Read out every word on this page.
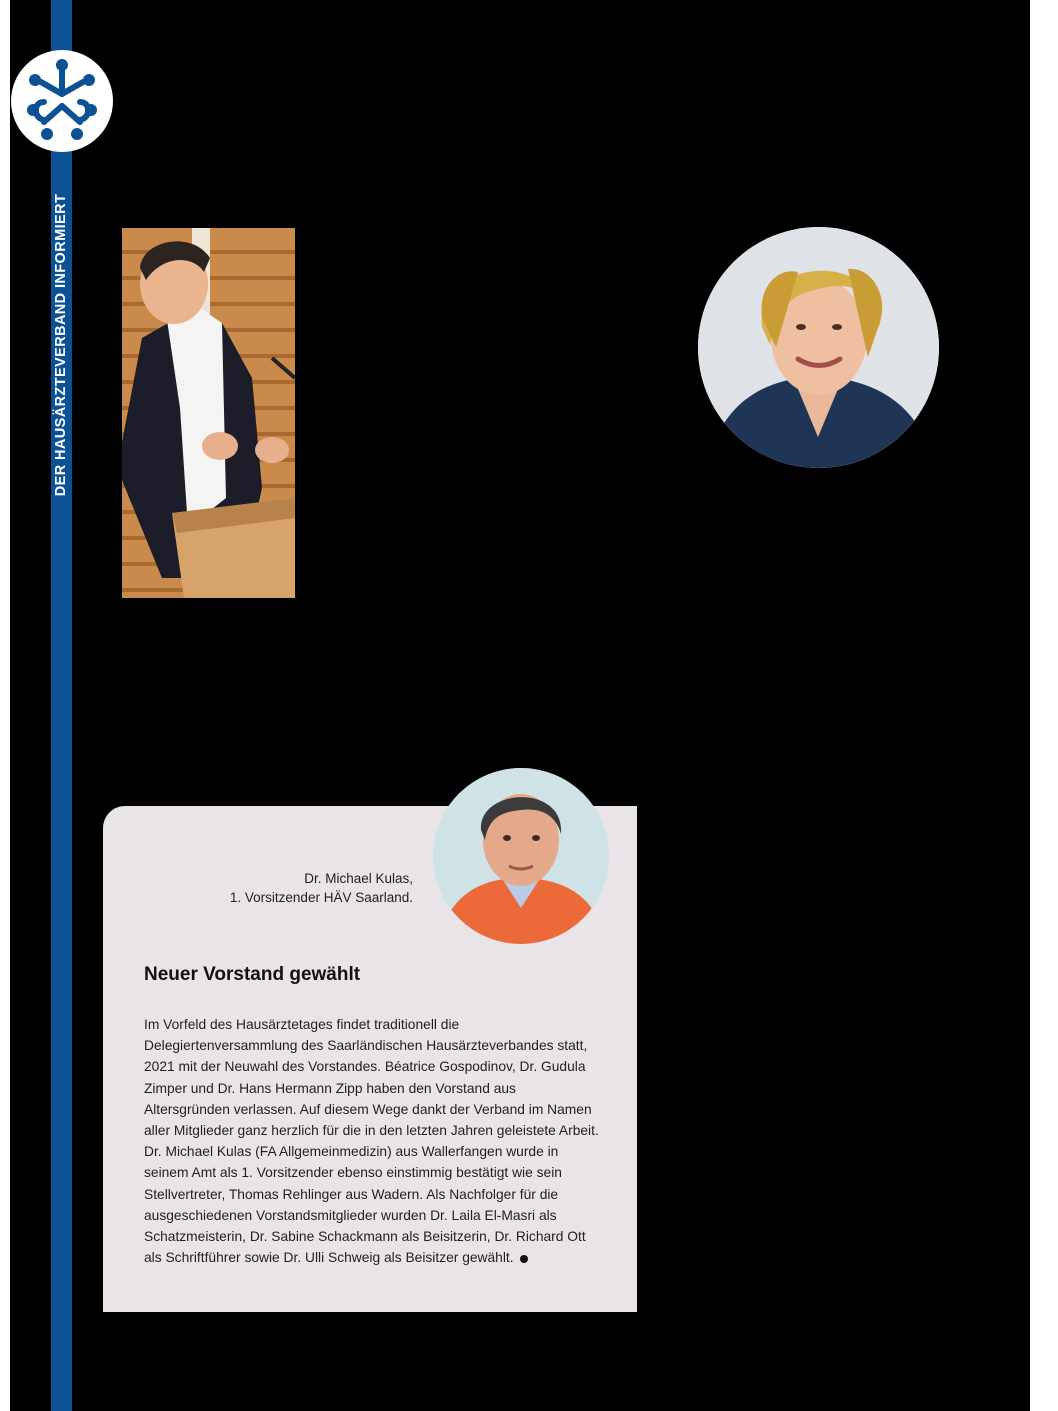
DER HAUSÄRZTEVERBAND INFORMIERT
Dr. Michael Kulas,
1. Vorsitzender HÄV Saarland.
Neuer Vorstand gewählt

Im Vorfeld des Hausärztetages findet traditionell die Delegiertenversammlung des Saarländischen Hausärzteverbandes statt, 2021 mit der Neuwahl des Vorstandes. Béatrice Gospodinov, Dr. Gudula Zimper und Dr. Hans Hermann Zipp haben den Vorstand aus Altersgründen verlassen. Auf diesem Wege dankt der Verband im Namen aller Mitglieder ganz herzlich für die in den letzten Jahren geleistete Arbeit.

Dr. Michael Kulas (FA Allgemeinmedizin) aus Wallerfangen wurde in seinem Amt als 1. Vorsitzender ebenso einstimmig bestätigt wie sein Stellvertreter, Thomas Rehlinger aus Wadern. Als Nachfolger für die ausgeschiedenen Vorstandsmitglieder wurden Dr. Laila El-Masri als Schatzmeisterin, Dr. Sabine Schackmann als Beisitzerin, Dr. Richard Ott als Schriftführer sowie Dr. Ulli Schweig als Beisitzer gewählt.
